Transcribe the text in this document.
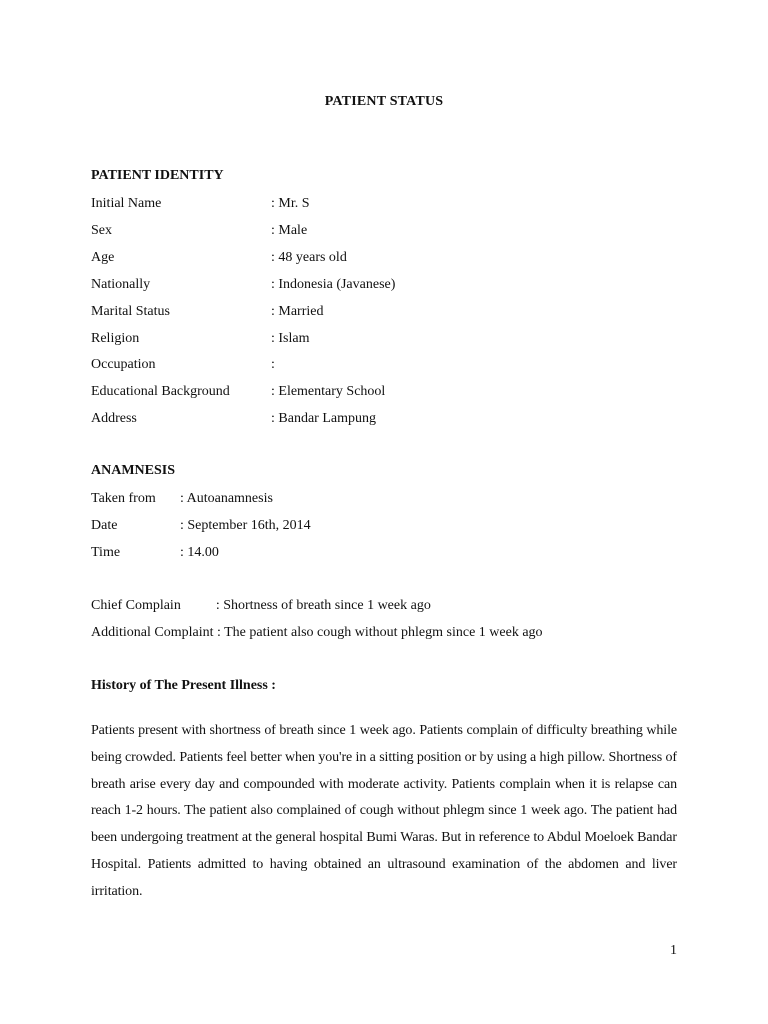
PATIENT STATUS
PATIENT IDENTITY
Initial Name	: Mr. S
Sex	: Male
Age	: 48 years old
Nationally	: Indonesia (Javanese)
Marital Status	: Married
Religion	: Islam
Occupation	:
Educational Background	: Elementary School
Address	: Bandar Lampung
ANAMNESIS
Taken from : Autoanamnesis
Date	: September 16th, 2014
Time	: 14.00
Chief Complain          : Shortness of breath since 1 week ago
Additional Complaint : The patient also cough without phlegm since 1 week ago
History of The Present Illness :
Patients present with shortness of breath since 1 week ago. Patients complain of difficulty breathing while being crowded. Patients feel better when you're in a sitting position or by using a high pillow. Shortness of breath arise every day and compounded with moderate activity. Patients complain when it is relapse can reach 1-2 hours. The patient also complained of cough without phlegm since 1 week ago. The patient had been undergoing treatment at the general hospital Bumi Waras. But in reference to Abdul Moeloek Bandar Hospital. Patients admitted to having obtained an ultrasound examination of the abdomen and liver irritation.
1
